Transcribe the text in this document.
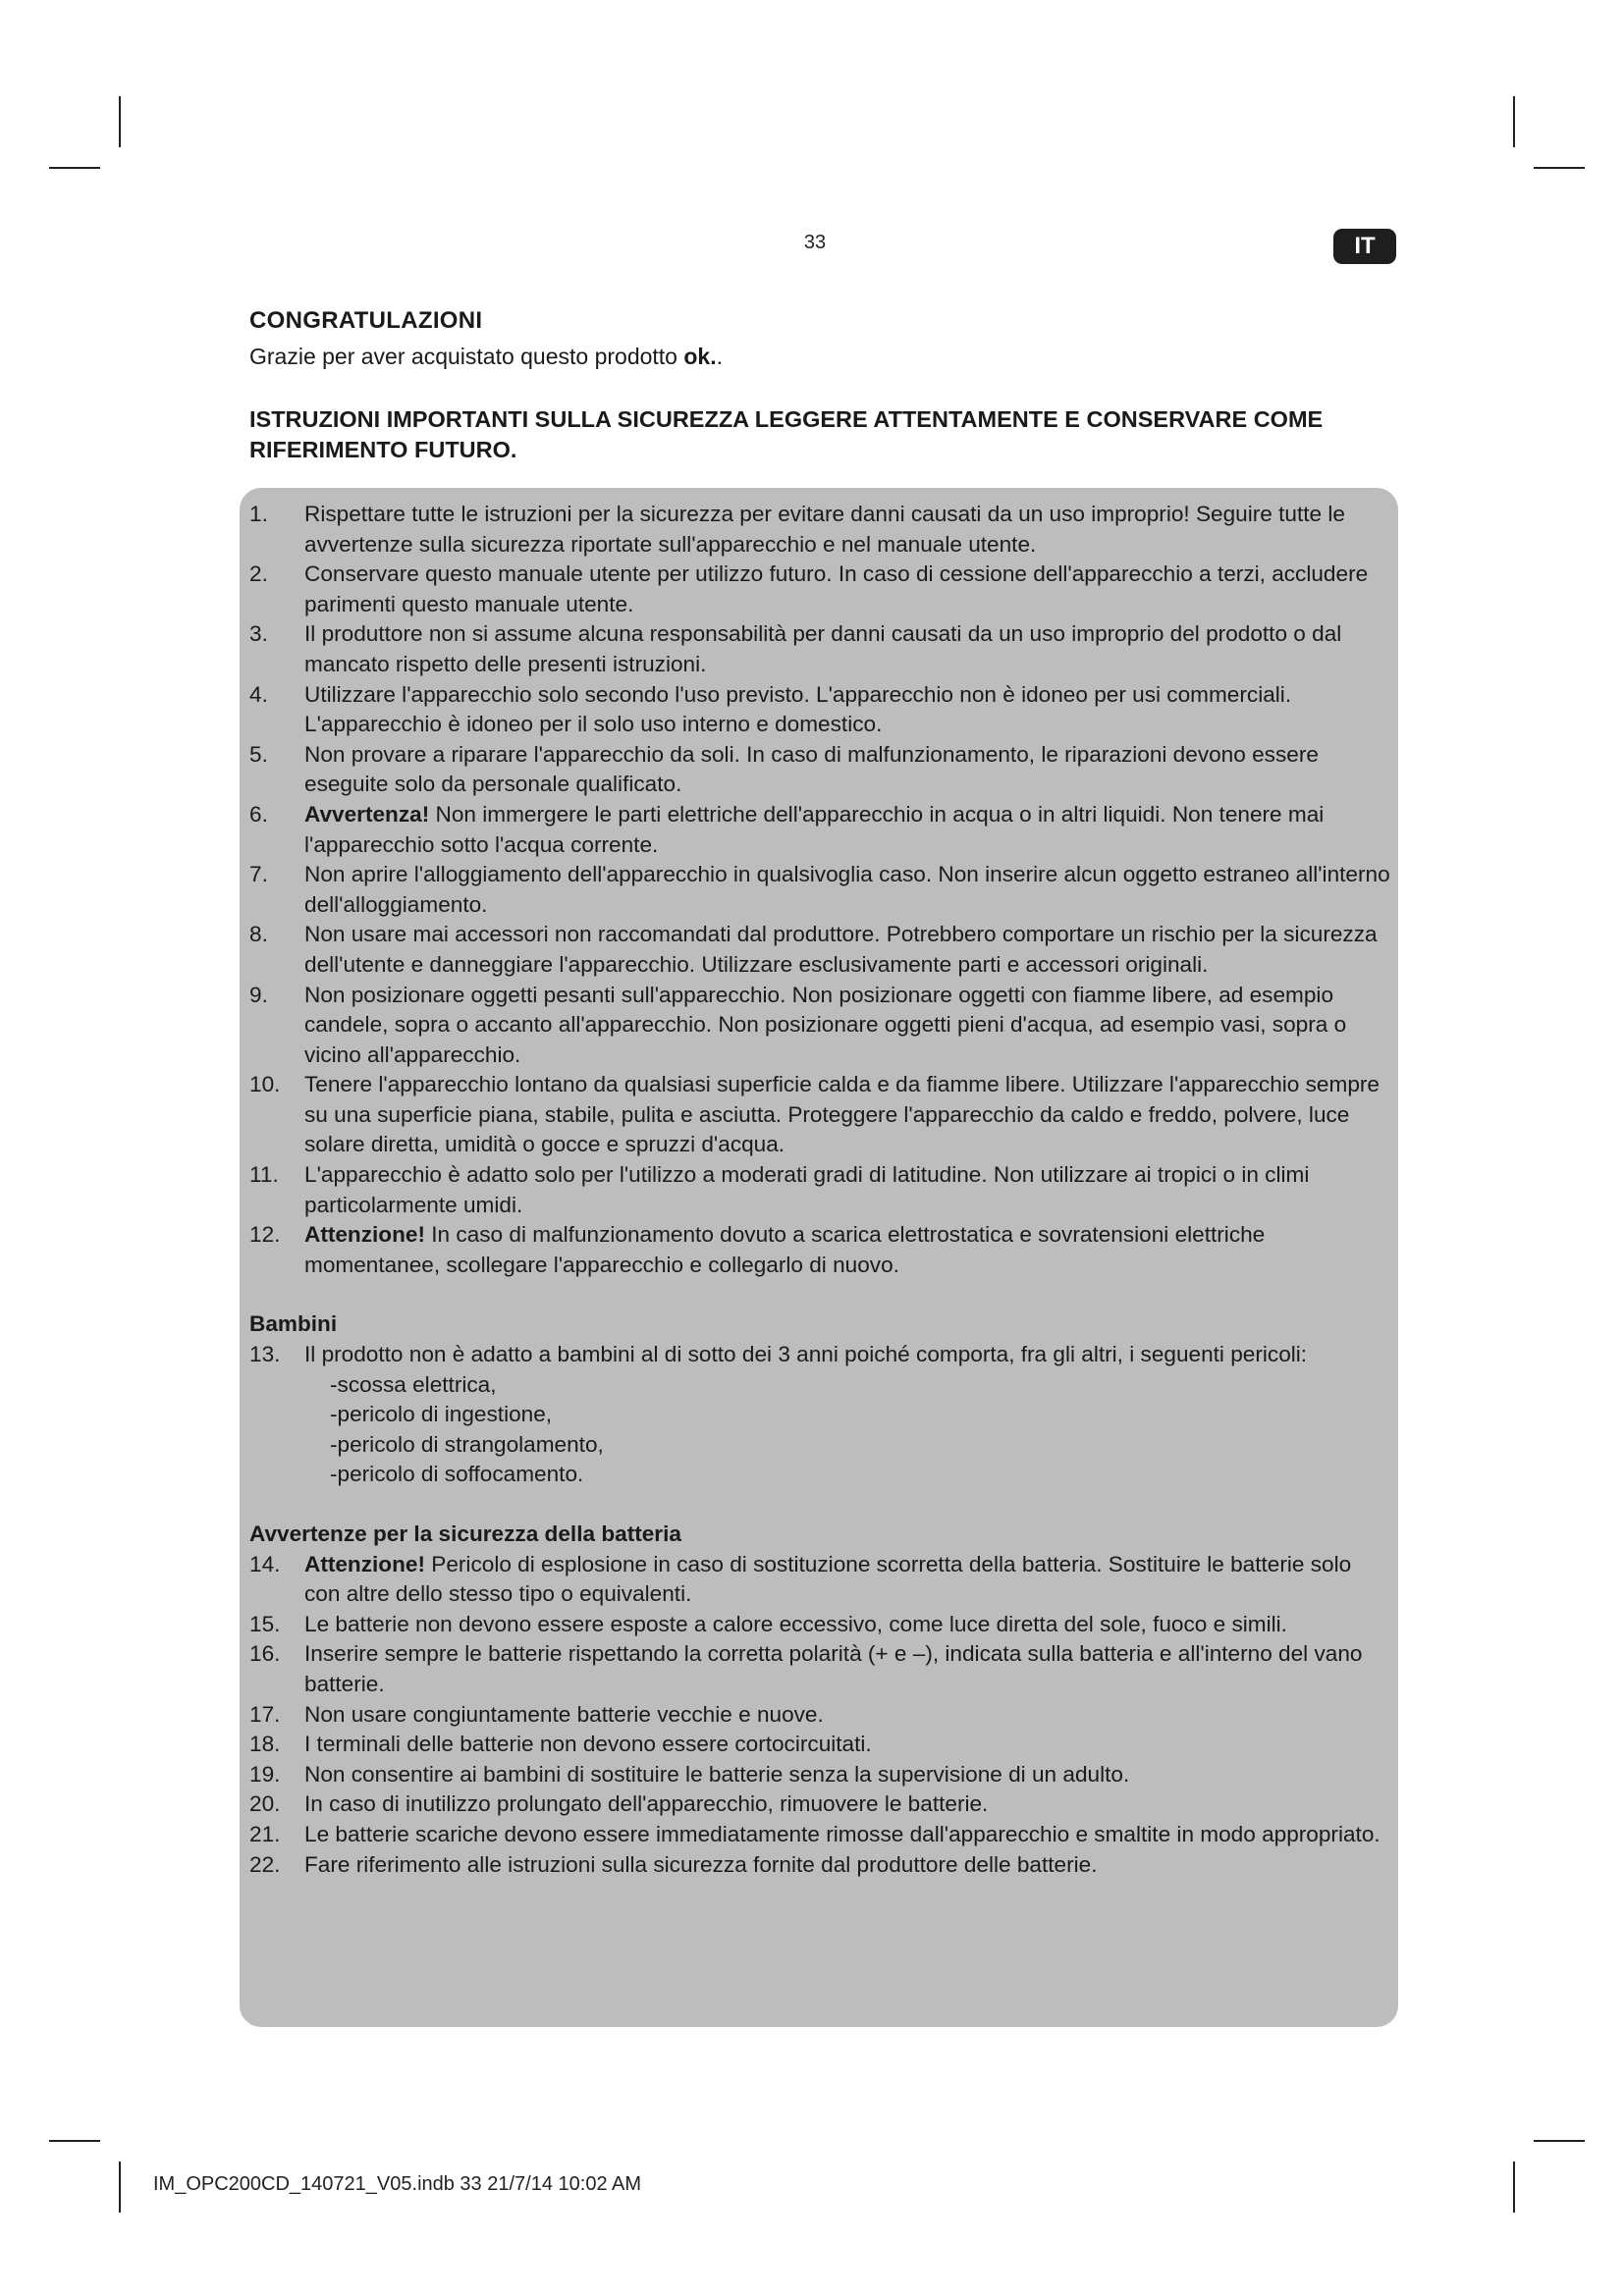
33	IT
CONGRATULAZIONI
Grazie per aver acquistato questo prodotto ok..
ISTRUZIONI IMPORTANTI SULLA SICUREZZA LEGGERE ATTENTAMENTE E CONSERVARE COME RIFERIMENTO FUTURO.
1. Rispettare tutte le istruzioni per la sicurezza per evitare danni causati da un uso improprio! Seguire tutte le avvertenze sulla sicurezza riportate sull'apparecchio e nel manuale utente.
2. Conservare questo manuale utente per utilizzo futuro. In caso di cessione dell'apparecchio a terzi, accludere parimenti questo manuale utente.
3. Il produttore non si assume alcuna responsabilità per danni causati da un uso improprio del prodotto o dal mancato rispetto delle presenti istruzioni.
4. Utilizzare l'apparecchio solo secondo l'uso previsto. L'apparecchio non è idoneo per usi commerciali. L'apparecchio è idoneo per il solo uso interno e domestico.
5. Non provare a riparare l'apparecchio da soli. In caso di malfunzionamento, le riparazioni devono essere eseguite solo da personale qualificato.
6. Avvertenza! Non immergere le parti elettriche dell'apparecchio in acqua o in altri liquidi. Non tenere mai l'apparecchio sotto l'acqua corrente.
7. Non aprire l'alloggiamento dell'apparecchio in qualsivoglia caso. Non inserire alcun oggetto estraneo all'interno dell'alloggiamento.
8. Non usare mai accessori non raccomandati dal produttore. Potrebbero comportare un rischio per la sicurezza dell'utente e danneggiare l'apparecchio. Utilizzare esclusivamente parti e accessori originali.
9. Non posizionare oggetti pesanti sull'apparecchio. Non posizionare oggetti con fiamme libere, ad esempio candele, sopra o accanto all'apparecchio. Non posizionare oggetti pieni d'acqua, ad esempio vasi, sopra o vicino all'apparecchio.
10. Tenere l'apparecchio lontano da qualsiasi superficie calda e da fiamme libere. Utilizzare l'apparecchio sempre su una superficie piana, stabile, pulita e asciutta. Proteggere l'apparecchio da caldo e freddo, polvere, luce solare diretta, umidità o gocce e spruzzi d'acqua.
11. L'apparecchio è adatto solo per l'utilizzo a moderati gradi di latitudine. Non utilizzare ai tropici o in climi particolarmente umidi.
12. Attenzione! In caso di malfunzionamento dovuto a scarica elettrostatica e sovratensioni elettriche momentanee, scollegare l'apparecchio e collegarlo di nuovo.
Bambini
13. Il prodotto non è adatto a bambini al di sotto dei 3 anni poiché comporta, fra gli altri, i seguenti pericoli:
-scossa elettrica,
-pericolo di ingestione,
-pericolo di strangolamento,
-pericolo di soffocamento.
Avvertenze per la sicurezza della batteria
14. Attenzione! Pericolo di esplosione in caso di sostituzione scorretta della batteria. Sostituire le batterie solo con altre dello stesso tipo o equivalenti.
15. Le batterie non devono essere esposte a calore eccessivo, come luce diretta del sole, fuoco e simili.
16. Inserire sempre le batterie rispettando la corretta polarità (+ e –), indicata sulla batteria e all'interno del vano batterie.
17. Non usare congiuntamente batterie vecchie e nuove.
18. I terminali delle batterie non devono essere cortocircuitati.
19. Non consentire ai bambini di sostituire le batterie senza la supervisione di un adulto.
20. In caso di inutilizzo prolungato dell'apparecchio, rimuovere le batterie.
21. Le batterie scariche devono essere immediatamente rimosse dall'apparecchio e smaltite in modo appropriato.
22. Fare riferimento alle istruzioni sulla sicurezza fornite dal produttore delle batterie.
IM_OPC200CD_140721_V05.indb 33 21/7/14 10:02 AM
